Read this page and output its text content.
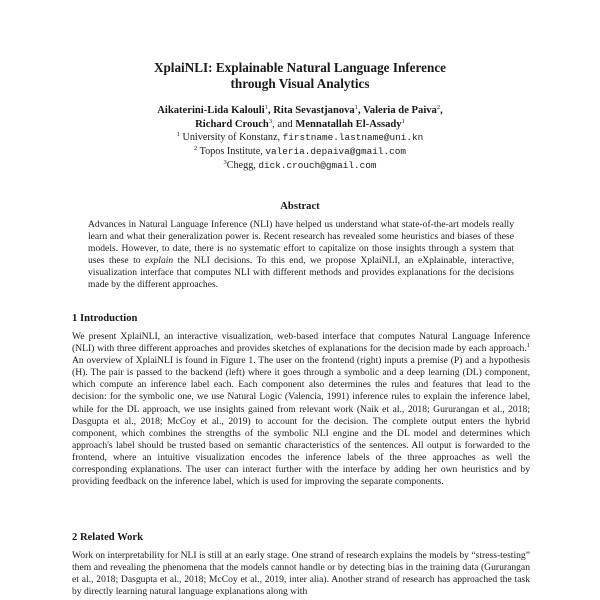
XplaiNLI: Explainable Natural Language Inference
through Visual Analytics
Aikaterini-Lida Kalouli$^1$, Rita Sevastjanova$^1$, Valeria de Paiva$^2$,
Richard Crouch$^3$, and Mennatallah El-Assady$^1$
$^1$ University of Konstanz, firstname.lastname@uni.kn
$^2$ Topos Institute, valeria.depaiva@gmail.com
$^3$Chegg, dick.crouch@gmail.com
Abstract

Advances in Natural Language Inference (NLI) have helped us understand what state-of-the-art models really learn and what their generalization power is. Recent research has revealed some heuristics and biases of these models. However, to date, there is no systematic effort to capitalize on those insights through a system that uses these to explain the NLI decisions. To this end, we propose XplaiNLI, an eXplainable, interactive, visualization interface that computes NLI with different methods and provides explanations for the decisions made by the different approaches.

1 Introduction

We present XplaiNLI, an interactive visualization, web-based interface that computes Natural Language Inference (NLI) with three different approaches and provides sketches of explanations for the decision made by each approach.$^1$ An overview of XplaiNLI is found in Figure 1. The user on the frontend (right) inputs a premise (P) and a hypothesis (H). The pair is passed to the backend (left) where it goes through a symbolic and a deep learning (DL) component, which compute an inference label each. Each component also determines the rules and features that lead to the decision: for the symbolic one, we use Natural Logic (Valencia, 1991) inference rules to explain the inference label, while for the DL approach, we use insights gained from relevant work (Naik et al., 2018; Gururangan et al., 2018; Dasgupta et al., 2018; McCoy et al., 2019) to account for the decision. The complete output enters the hybrid component, which combines the strengths of the symbolic NLI engine and the DL model and determines which approach's label should be trusted based on semantic characteristics of the sentences. All output is forwarded to the frontend, where an intuitive visualization encodes the inference labels of the three approaches as well the corresponding explanations. The user can interact further with the interface by adding her own heuristics and by providing feedback on the inference label, which is used for improving the separate components.

2 Related Work

Work on interpretability for NLI is still at an early stage. One strand of research explains the models by “stress-testing” them and revealing the phenomena that the models cannot handle or by detecting bias in the training data (Gururangan et al., 2018; Dasgupta et al., 2018; McCoy et al., 2019, inter alia). Another strand of research has approached the task by directly learning natural language explanations along with
